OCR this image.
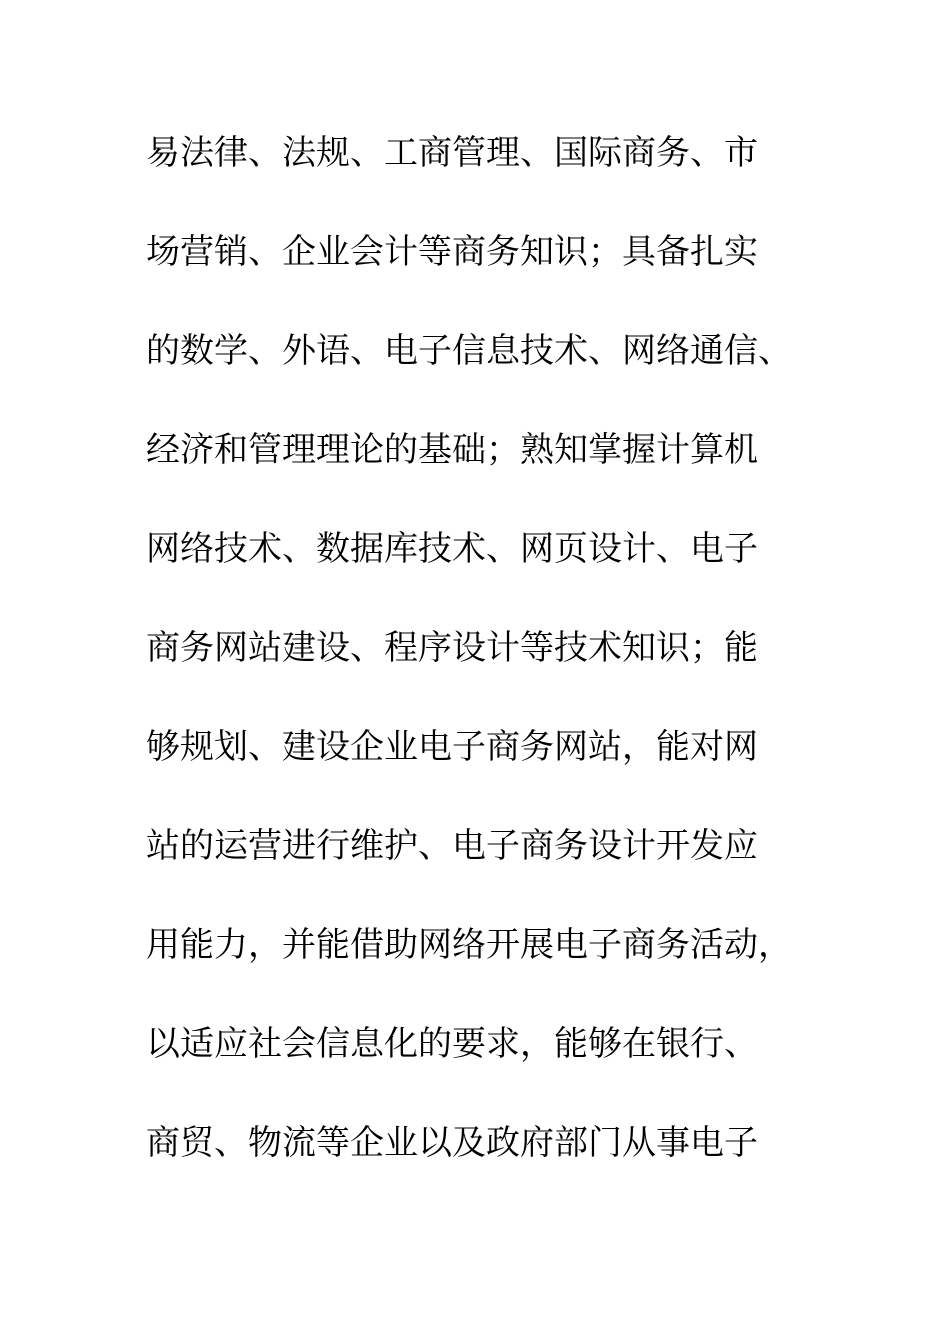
易法律、法规、工商管理、国际商务、市
场营销、企业会计等商务知识；具备扎实
的数学、外语、电子信息技术、网络通信、
经济和管理理论的基础；熟知掌握计算机
网络技术、数据库技术、网页设计、电子
商务网站建设、程序设计等技术知识；能
够规划、建设企业电子商务网站，能对网
站的运营进行维护、电子商务设计开发应
用能力，并能借助网络开展电子商务活动，
以适应社会信息化的要求，能够在银行、
商贸、物流等企业以及政府部门从事电子
